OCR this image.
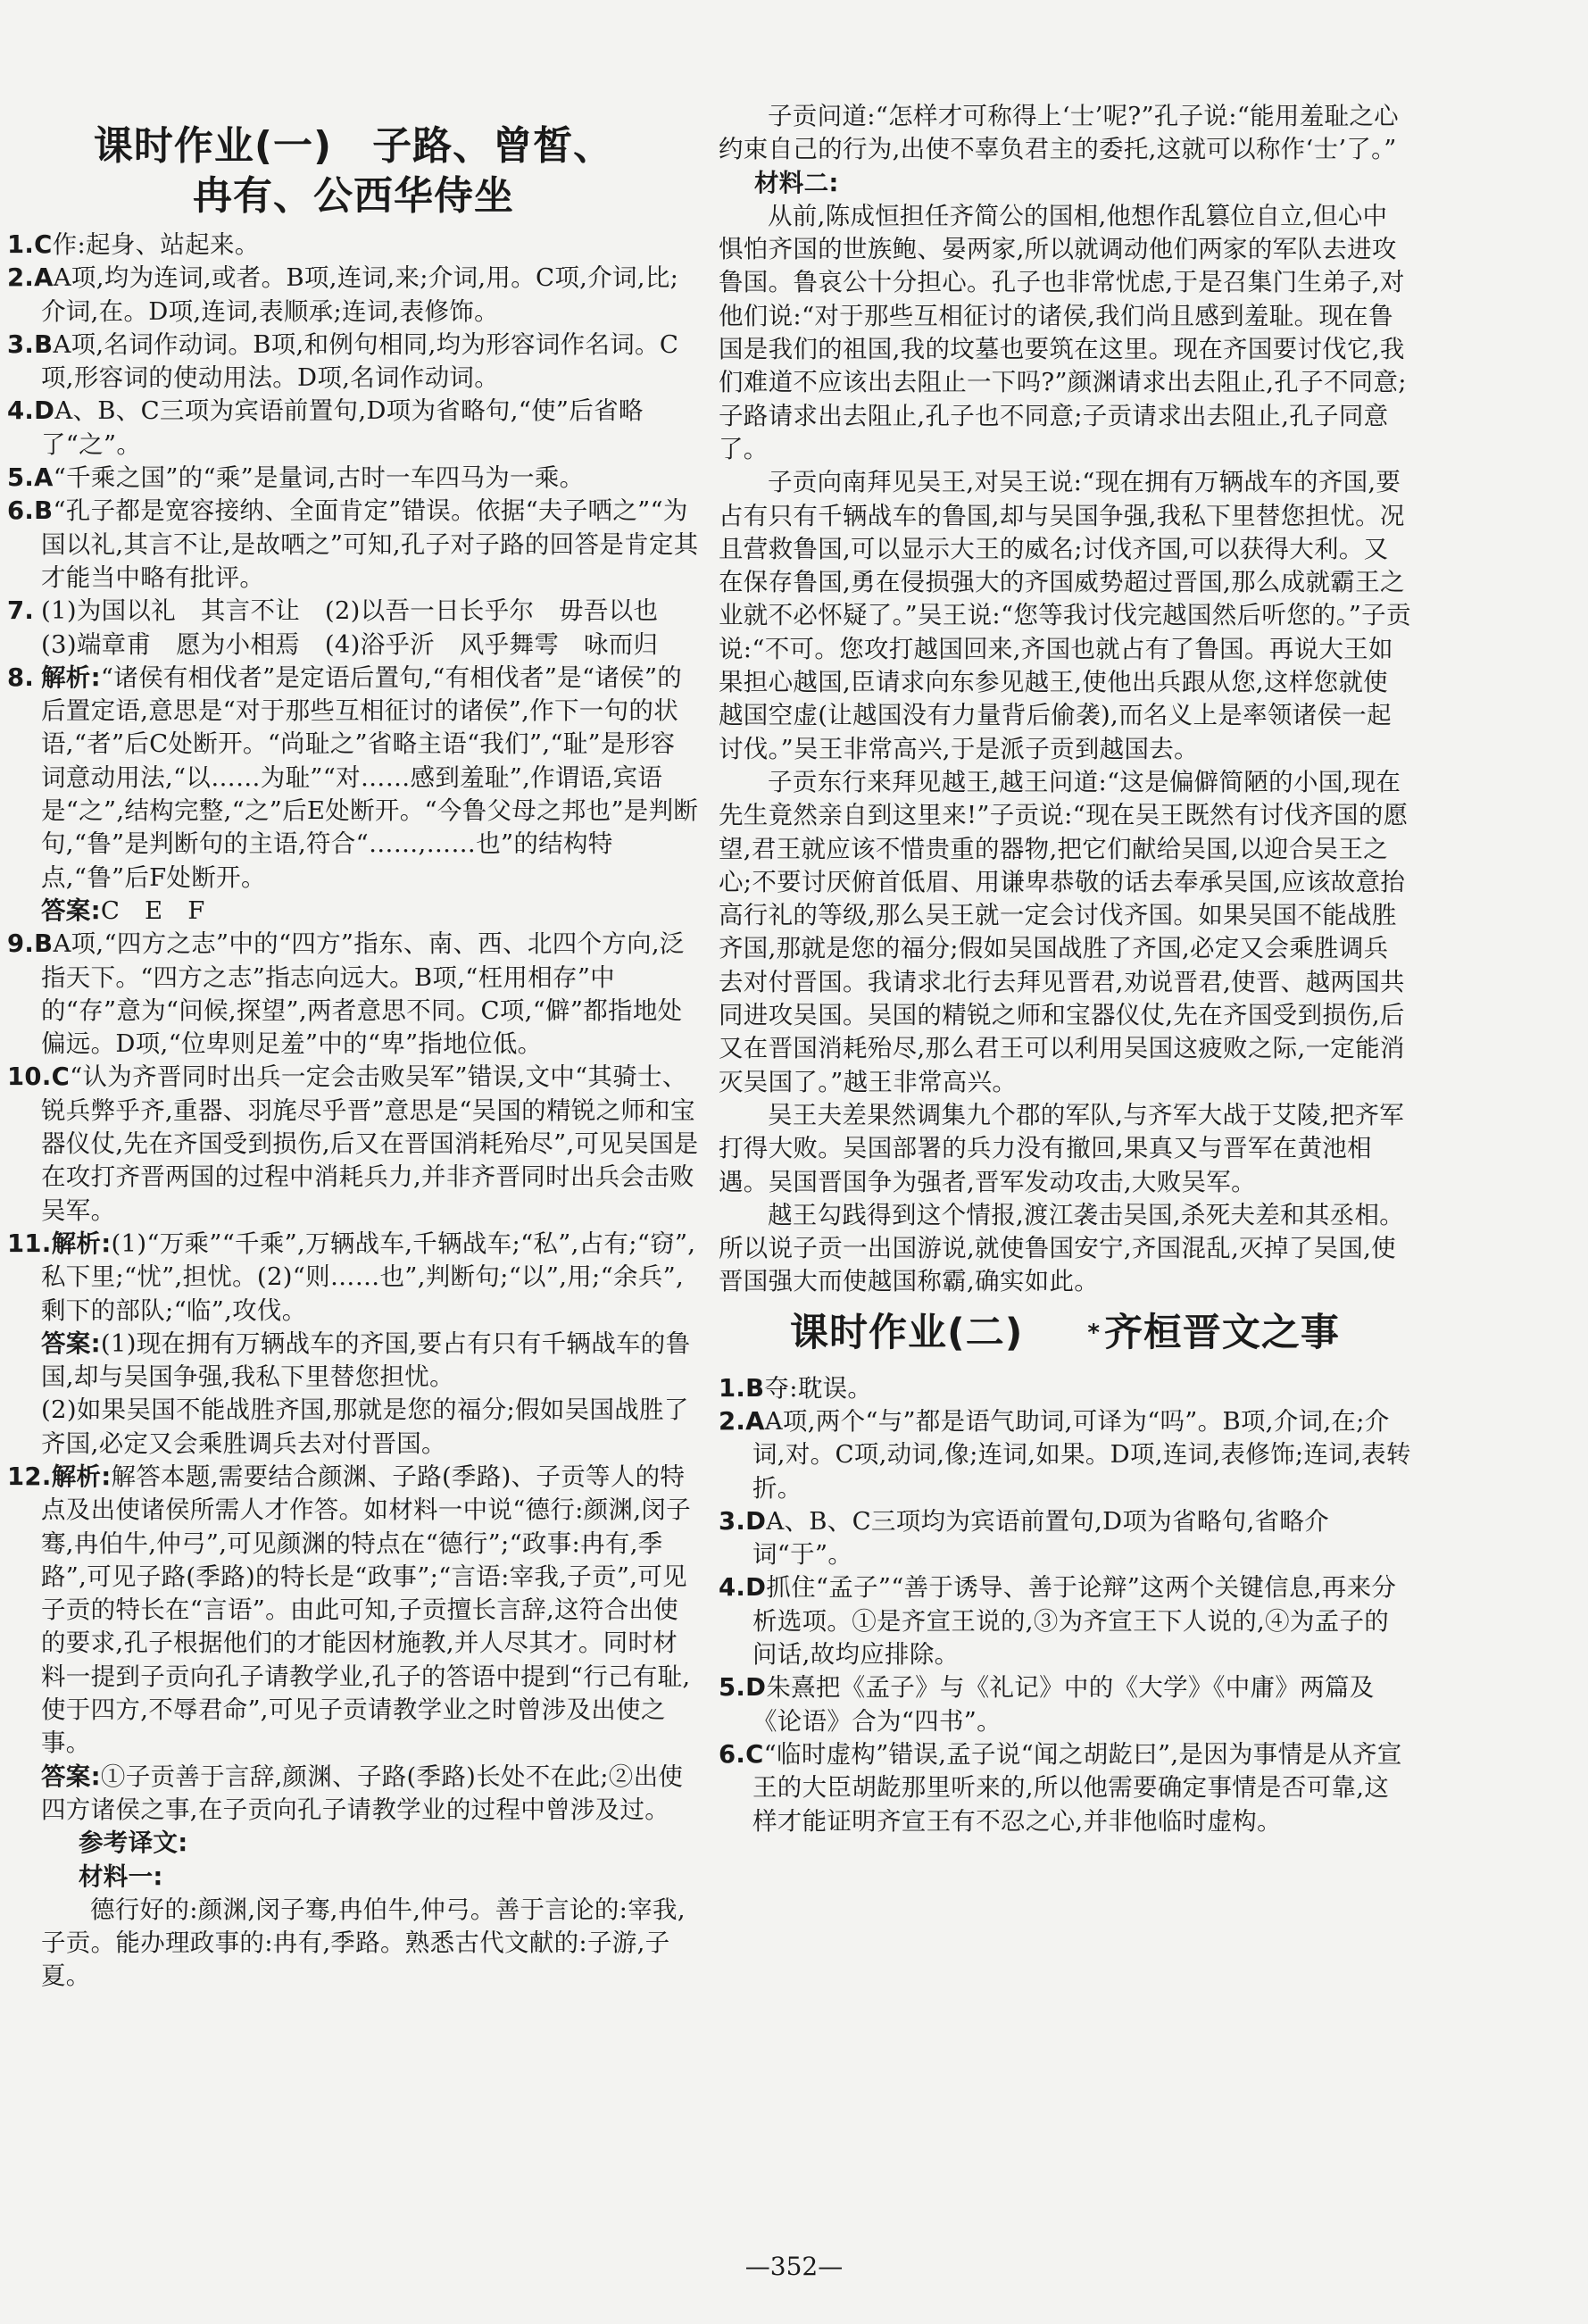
课时作业(一)　子路、曾皙、
冉有、公西华侍坐
1.C作:起身、站起来。
2.AA项,均为连词,或者。B项,连词,来;介词,用。C项,介词,比;介词,在。D项,连词,表顺承;连词,表修饰。
3.BA项,名词作动词。B项,和例句相同,均为形容词作名词。C项,形容词的使动用法。D项,名词作动词。
4.DA、B、C三项为宾语前置句,D项为省略句,“使”后省略了“之”。
5.A“千乘之国”的“乘”是量词,古时一车四马为一乘。
6.B“孔子都是宽容接纳、全面肯定”错误。依据“夫子哂之”“为国以礼,其言不让,是故哂之”可知,孔子对子路的回答是肯定其才能当中略有批评。
7. (1)为国以礼　其言不让　(2)以吾一日长乎尔　毋吾以也　(3)端章甫　愿为小相焉　(4)浴乎沂　风乎舞雩　咏而归
8. 解析:“诸侯有相伐者”是定语后置句,“有相伐者”是“诸侯”的后置定语,意思是“对于那些互相征讨的诸侯”,作下一句的状语,“者”后C处断开。“尚耻之”省略主语“我们”,“耻”是形容词意动用法,“以……为耻”“对……感到羞耻”,作谓语,宾语是“之”,结构完整,“之”后E处断开。“今鲁父母之邦也”是判断句,“鲁”是判断句的主语,符合“……,……也”的结构特点,“鲁”后F处断开。
答案:C　E　F
9.BA项,“四方之志”中的“四方”指东、南、西、北四个方向,泛指天下。“四方之志”指志向远大。B项,“枉用相存”中的“存”意为“问候,探望”,两者意思不同。C项,“僻”都指地处偏远。D项,“位卑则足羞”中的“卑”指地位低。
10.C“认为齐晋同时出兵一定会击败吴军”错误,文中“其骑士、锐兵弊乎齐,重器、羽旄尽乎晋”意思是“吴国的精锐之师和宝器仪仗,先在齐国受到损伤,后又在晋国消耗殆尽”,可见吴国是在攻打齐晋两国的过程中消耗兵力,并非齐晋同时出兵会击败吴军。
11.解析:(1)“万乘”“千乘”,万辆战车,千辆战车;“私”,占有;“窃”,私下里;“忧”,担忧。(2)“则……也”,判断句;“以”,用;“余兵”,剩下的部队;“临”,攻伐。
答案:(1)现在拥有万辆战车的齐国,要占有只有千辆战车的鲁国,却与吴国争强,我私下里替您担忧。
(2)如果吴国不能战胜齐国,那就是您的福分;假如吴国战胜了齐国,必定又会乘胜调兵去对付晋国。
12.解析:解答本题,需要结合颜渊、子路(季路)、子贡等人的特点及出使诸侯所需人才作答。如材料一中说“德行:颜渊,闵子骞,冉伯牛,仲弓”,可见颜渊的特点在“德行”;“政事:冉有,季路”,可见子路(季路)的特长是“政事”;“言语:宰我,子贡”,可见子贡的特长在“言语”。由此可知,子贡擅长言辞,这符合出使的要求,孔子根据他们的才能因材施教,并人尽其才。同时材料一提到子贡向孔子请教学业,孔子的答语中提到“行己有耻,使于四方,不辱君命”,可见子贡请教学业之时曾涉及出使之事。
答案:①子贡善于言辞,颜渊、子路(季路)长处不在此;②出使四方诸侯之事,在子贡向孔子请教学业的过程中曾涉及过。
参考译文:
材料一:
德行好的:颜渊,闵子骞,冉伯牛,仲弓。善于言论的:宰我,子贡。能办理政事的:冉有,季路。熟悉古代文献的:子游,子夏。
子贡问道:“怎样才可称得上‘士’呢?”孔子说:“能用羞耻之心约束自己的行为,出使不辜负君主的委托,这就可以称作‘士’了。”
材料二:
从前,陈成恒担任齐简公的国相,他想作乱篡位自立,但心中惧怕齐国的世族鲍、晏两家,所以就调动他们两家的军队去进攻鲁国。鲁哀公十分担心。孔子也非常忧虑,于是召集门生弟子,对他们说:“对于那些互相征讨的诸侯,我们尚且感到羞耻。现在鲁国是我们的祖国,我的坟墓也要筑在这里。现在齐国要讨伐它,我们难道不应该出去阻止一下吗?”颜渊请求出去阻止,孔子不同意;子路请求出去阻止,孔子也不同意;子贡请求出去阻止,孔子同意了。
子贡向南拜见吴王,对吴王说:“现在拥有万辆战车的齐国,要占有只有千辆战车的鲁国,却与吴国争强,我私下里替您担忧。况且营救鲁国,可以显示大王的威名;讨伐齐国,可以获得大利。又在保存鲁国,勇在侵损强大的齐国威势超过晋国,那么成就霸王之业就不必怀疑了。”吴王说:“您等我讨伐完越国然后听您的。”子贡说:“不可。您攻打越国回来,齐国也就占有了鲁国。再说大王如果担心越国,臣请求向东参见越王,使他出兵跟从您,这样您就使越国空虚(让越国没有力量背后偷袭),而名义上是率领诸侯一起讨伐。”吴王非常高兴,于是派子贡到越国去。
子贡东行来拜见越王,越王问道:“这是偏僻简陋的小国,现在先生竟然亲自到这里来!”子贡说:“现在吴王既然有讨伐齐国的愿望,君王就应该不惜贵重的器物,把它们献给吴国,以迎合吴王之心;不要讨厌俯首低眉、用谦卑恭敬的话去奉承吴国,应该故意抬高行礼的等级,那么吴王就一定会讨伐齐国。如果吴国不能战胜齐国,那就是您的福分;假如吴国战胜了齐国,必定又会乘胜调兵去对付晋国。我请求北行去拜见晋君,劝说晋君,使晋、越两国共同进攻吴国。吴国的精锐之师和宝器仪仗,先在齐国受到损伤,后又在晋国消耗殆尽,那么君王可以利用吴国这疲败之际,一定能消灭吴国了。”越王非常高兴。
吴王夫差果然调集九个郡的军队,与齐军大战于艾陵,把齐军打得大败。吴国部署的兵力没有撤回,果真又与晋军在黄池相遇。吴国晋国争为强者,晋军发动攻击,大败吴军。
越王勾践得到这个情报,渡江袭击吴国,杀死夫差和其丞相。所以说子贡一出国游说,就使鲁国安宁,齐国混乱,灭掉了吴国,使晋国强大而使越国称霸,确实如此。
课时作业(二)	*齐桓晋文之事
1.B夺:耽误。
2.AA项,两个“与”都是语气助词,可译为“吗”。B项,介词,在;介词,对。C项,动词,像;连词,如果。D项,连词,表修饰;连词,表转折。
3.DA、B、C三项均为宾语前置句,D项为省略句,省略介词“于”。
4.D抓住“孟子”“善于诱导、善于论辩”这两个关键信息,再来分析选项。①是齐宣王说的,③为齐宣王下人说的,④为孟子的问话,故均应排除。
5.D朱熹把《孟子》与《礼记》中的《大学》《中庸》两篇及《论语》合为“四书”。
6.C“临时虚构”错误,孟子说“闻之胡龁曰”,是因为事情是从齐宣王的大臣胡龁那里听来的,所以他需要确定事情是否可靠,这样才能证明齐宣王有不忍之心,并非他临时虚构。
—352—
